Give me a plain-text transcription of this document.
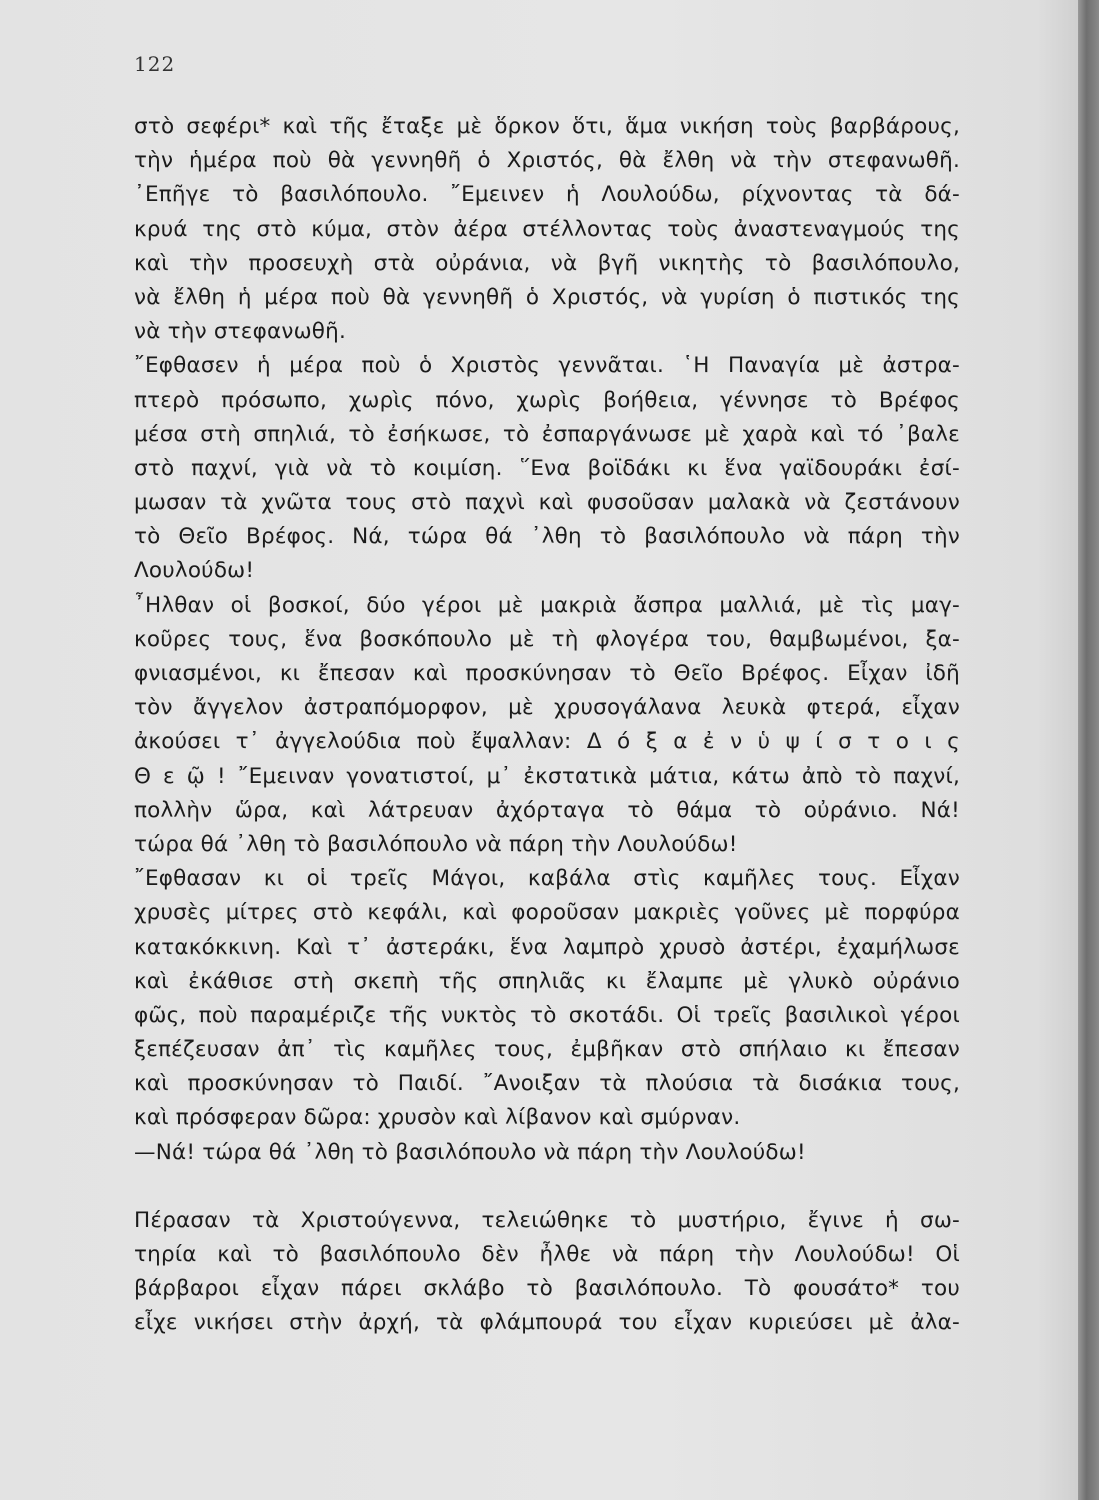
122
στὸ σεφέρι* καὶ τῆς ἔταξε μὲ ὅρκον ὅτι, ἅμα νικήση τοὺς βαρβάρους,
τὴν ἡμέρα ποὺ θὰ γεννηθῆ ὁ Χριστός, θὰ ἔλθη νὰ τὴν στεφανωθῆ.
᾽Επῆγε τὸ βασιλόπουλο. ῎Εμεινεν ἡ Λουλούδω, ρίχνοντας τὰ δά-
κρυά της στὸ κύμα, στὸν ἀέρα στέλλοντας τοὺς ἀναστεναγμούς της
καὶ τὴν προσευχὴ στὰ οὐράνια, νὰ βγῆ νικητὴς τὸ βασιλόπουλο,
νὰ ἔλθη ἡ μέρα ποὺ θὰ γεννηθῆ ὁ Χριστός, νὰ γυρίση ὁ πιστικός της
νὰ τὴν στεφανωθῆ.
῎Εφθασεν ἡ μέρα ποὺ ὁ Χριστὸς γεννᾶται. ῾Η Παναγία μὲ ἀστρα-
πτερὸ πρόσωπο, χωρὶς πόνο, χωρὶς βοήθεια, γέννησε τὸ Βρέφος
μέσα στὴ σπηλιά, τὸ ἐσήκωσε, τὸ ἐσπαργάνωσε μὲ χαρὰ καὶ τό ᾽βαλε
στὸ παχνί, γιὰ νὰ τὸ κοιμίση. ῞Ενα βοϊδάκι κι ἕνα γαϊδουράκι ἐσί-
μωσαν τὰ χνῶτα τους στὸ παχνὶ καὶ φυσοῦσαν μαλακὰ νὰ ζεστάνουν
τὸ Θεῖο Βρέφος. Νά, τώρα θά ᾽λθη τὸ βασιλόπουλο νὰ πάρη τὴν
Λουλούδω!
῏Ηλθαν οἱ βοσκοί, δύο γέροι μὲ μακριὰ ἄσπρα μαλλιά, μὲ τὶς μαγ-
κοῦρες τους, ἕνα βοσκόπουλο μὲ τὴ φλογέρα του, θαμβωμένοι, ξα-
φνιασμένοι, κι ἔπεσαν καὶ προσκύνησαν τὸ Θεῖο Βρέφος. Εἶχαν ἰδῆ
τὸν ἄγγελον ἀστραπόμορφον, μὲ χρυσογάλανα λευκὰ φτερά, εἶχαν
ἀκούσει τ᾽ ἀγγελούδια ποὺ ἔψαλλαν: Δ ό ξ α ἐ ν ὑ ψ ί σ τ ο ι ς
Θ ε ῷ ! ῎Εμειναν γονατιστοί, μ᾽ ἐκστατικὰ μάτια, κάτω ἀπὸ τὸ παχνί,
πολλὴν ὥρα, καὶ λάτρευαν ἀχόρταγα τὸ θάμα τὸ οὐράνιο. Νά!
τώρα θά ᾽λθη τὸ βασιλόπουλο νὰ πάρη τὴν Λουλούδω!
῎Εφθασαν κι οἱ τρεῖς Μάγοι, καβάλα στὶς καμῆλες τους. Εἶχαν
χρυσὲς μίτρες στὸ κεφάλι, καὶ φοροῦσαν μακριὲς γοῦνες μὲ πορφύρα
κατακόκκινη. Καὶ τ᾽ ἀστεράκι, ἕνα λαμπρὸ χρυσὸ ἀστέρι, ἐχαμήλωσε
καὶ ἐκάθισε στὴ σκεπὴ τῆς σπηλιᾶς κι ἔλαμπε μὲ γλυκὸ οὐράνιο
φῶς, ποὺ παραμέριζε τῆς νυκτὸς τὸ σκοτάδι. Οἱ τρεῖς βασιλικοὶ γέροι
ξεπέζευσαν ἀπ᾽ τὶς καμῆλες τους, ἐμβῆκαν στὸ σπήλαιο κι ἔπεσαν
καὶ προσκύνησαν τὸ Παιδί. ῎Ανοιξαν τὰ πλούσια τὰ δισάκια τους,
καὶ πρόσφεραν δῶρα: χρυσὸν καὶ λίβανον καὶ σμύρναν.
—Νά! τώρα θά ᾽λθη τὸ βασιλόπουλο νὰ πάρη τὴν Λουλούδω!
Πέρασαν τὰ Χριστούγεννα, τελειώθηκε τὸ μυστήριο, ἔγινε ἡ σω-
τηρία καὶ τὸ βασιλόπουλο δὲν ἦλθε νὰ πάρη τὴν Λουλούδω! Οἱ
βάρβαροι εἶχαν πάρει σκλάβο τὸ βασιλόπουλο. Τὸ φουσάτο* του
εἶχε νικήσει στὴν ἀρχή, τὰ φλάμπουρά του εἶχαν κυριεύσει μὲ ἀλα-
